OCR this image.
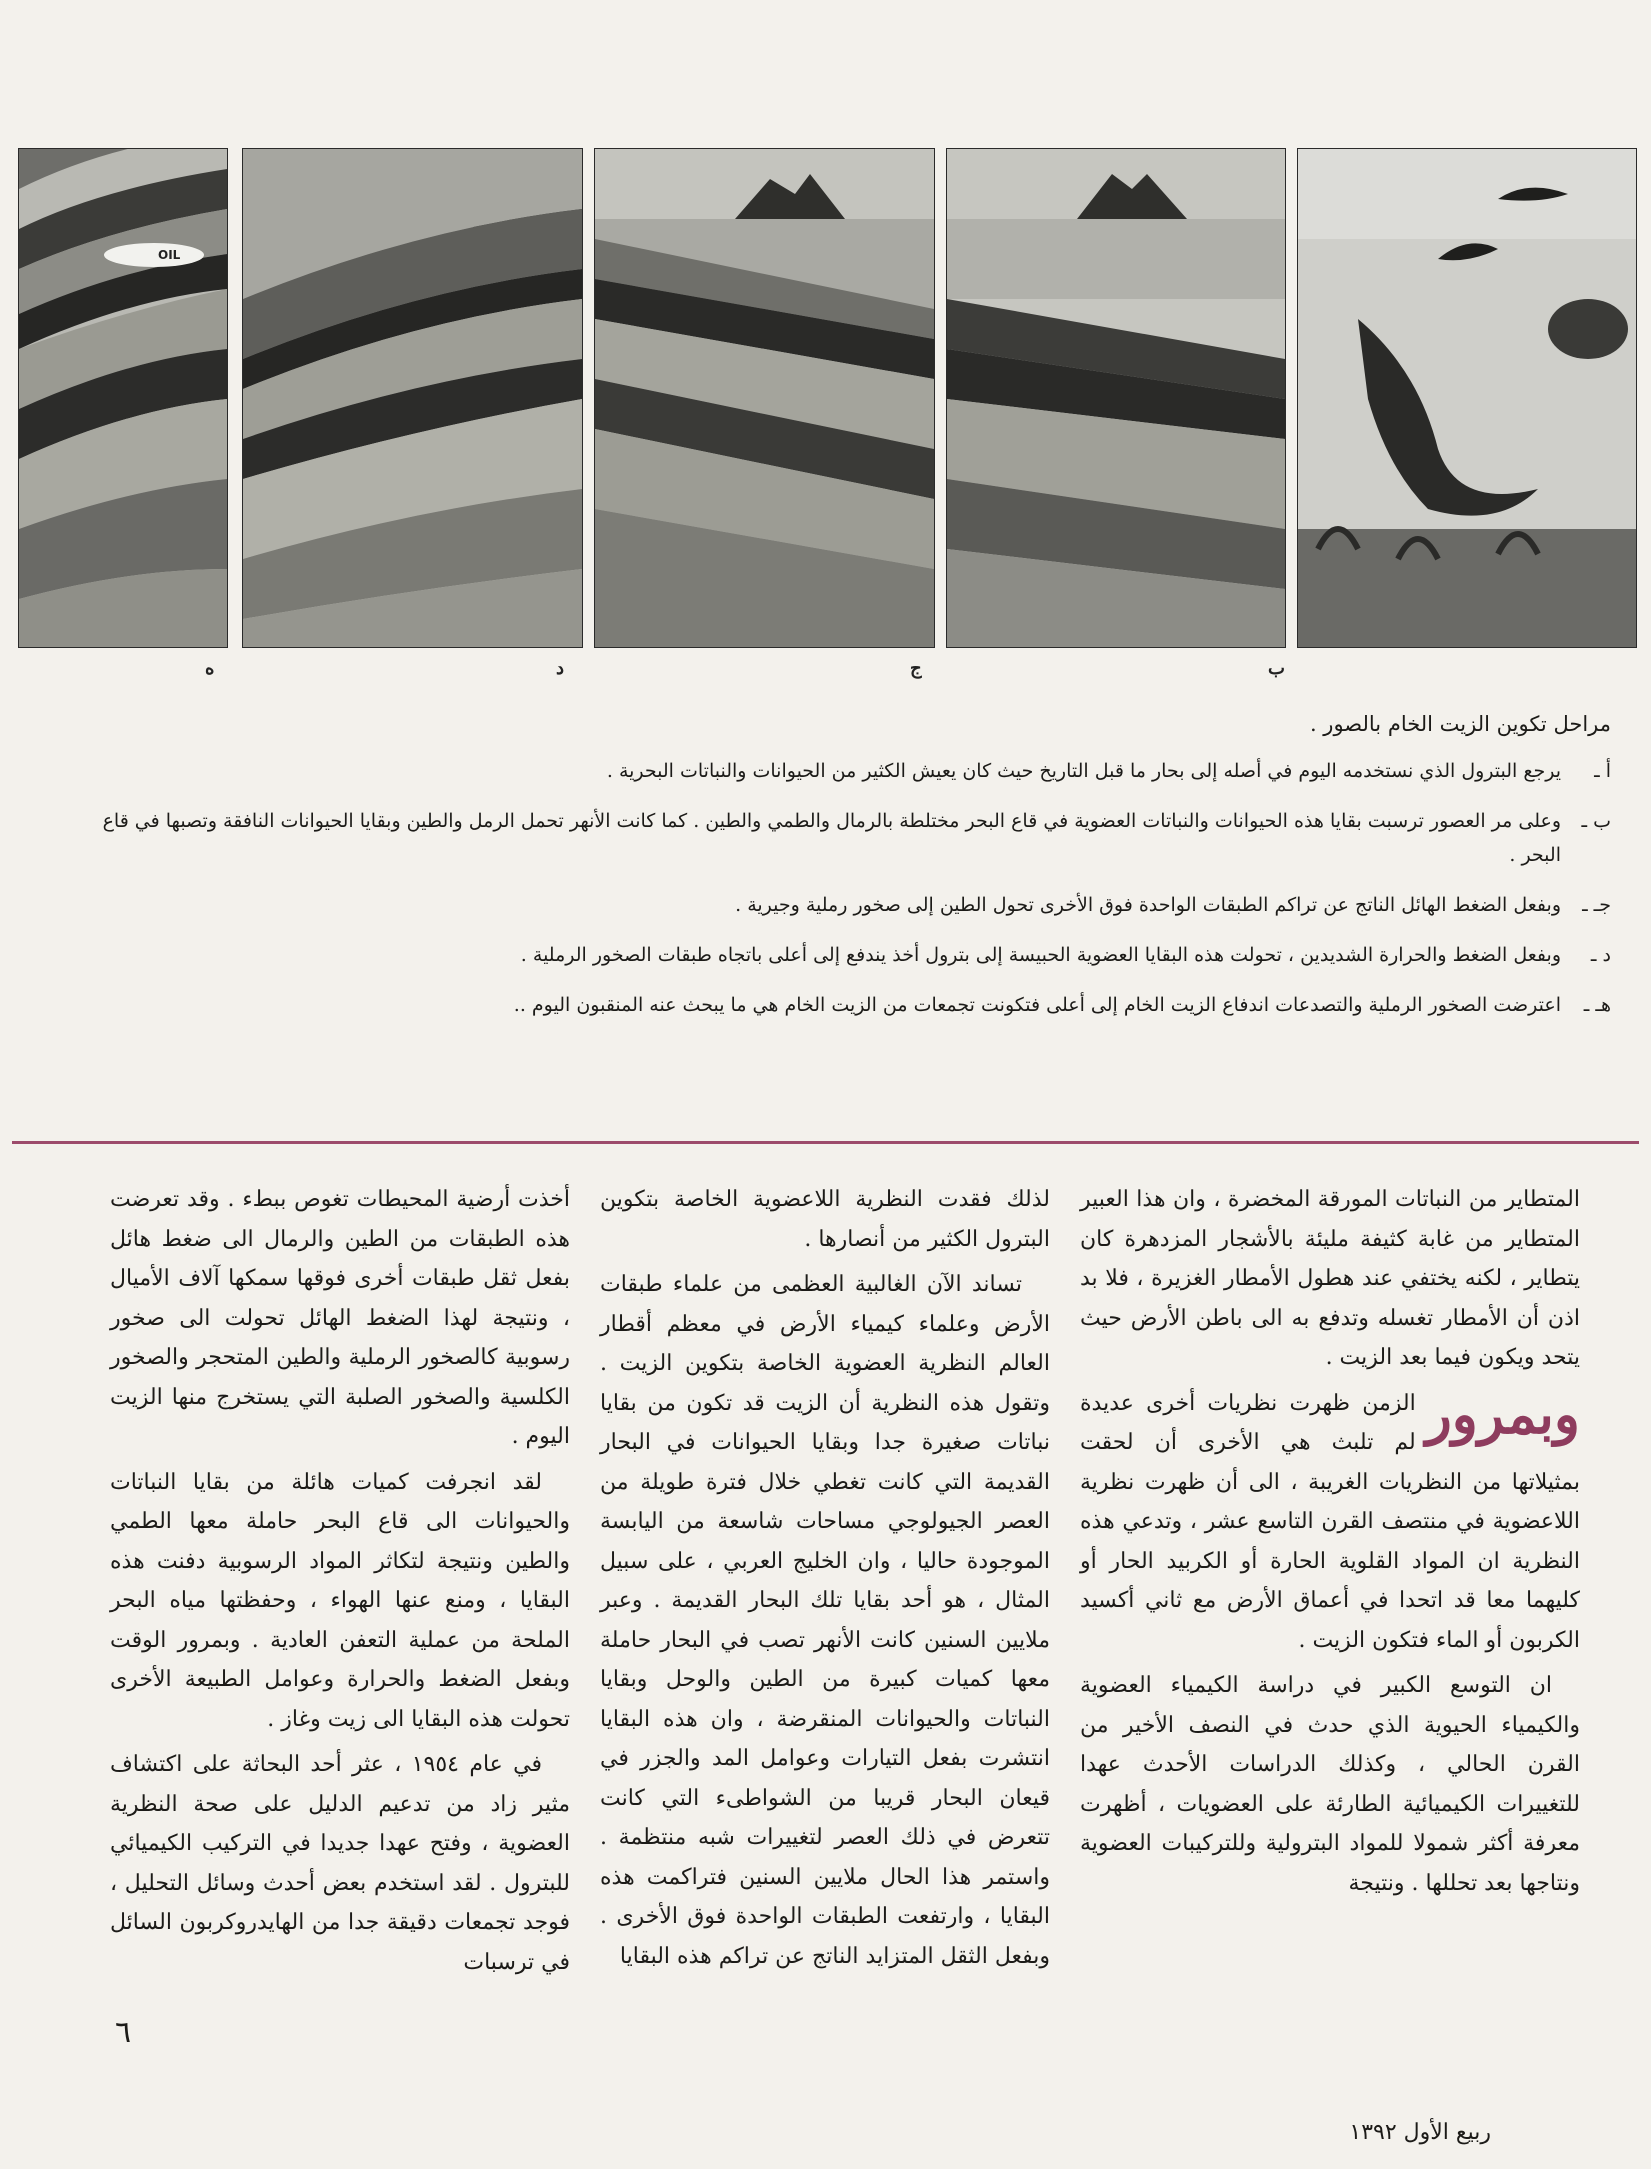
OIL
ب
ج
د
ه

مراحل تكوين الزيت الخام بالصور .

أ ـ
يرجع البترول الذي نستخدمه اليوم في أصله إلى بحار ما قبل التاريخ حيث كان يعيش الكثير من الحيوانات والنباتات البحرية .
ب ـ
وعلى مر العصور ترسبت بقايا هذه الحيوانات والنباتات العضوية في قاع البحر مختلطة بالرمال والطمي والطين . كما كانت الأنهر تحمل الرمل والطين وبقايا الحيوانات النافقة وتصبها في قاع البحر .
جـ ـ
وبفعل الضغط الهائل الناتج عن تراكم الطبقات الواحدة فوق الأخرى تحول الطين إلى صخور رملية وجيرية .
د ـ
وبفعل الضغط والحرارة الشديدين ، تحولت هذه البقايا العضوية الحبيسة إلى بترول أخذ يندفع إلى أعلى باتجاه طبقات الصخور الرملية .
هـ ـ
اعترضت الصخور الرملية والتصدعات اندفاع الزيت الخام إلى أعلى فتكونت تجمعات من الزيت الخام هي ما يبحث عنه المنقبون اليوم ..

المتطاير من النباتات المورقة المخضرة ، وان هذا العبير المتطاير من غابة كثيفة مليئة بالأشجار المزدهرة كان يتطاير ، لكنه يختفي عند هطول الأمطار الغزيرة ، فلا بد اذن أن الأمطار تغسله وتدفع به الى باطن الأرض حيث يتحد ويكون فيما بعد الزيت .

وبمرور
الزمن ظهرت نظريات أخرى عديدة لم تلبث هي الأخرى أن لحقت بمثيلاتها من النظريات الغريبة ، الى أن ظهرت نظرية اللاعضوية في منتصف القرن التاسع عشر ، وتدعي هذه النظرية ان المواد القلوية الحارة أو الكربيد الحار أو كليهما معا قد اتحدا في أعماق الأرض مع ثاني أكسيد الكربون أو الماء فتكون الزيت .

ان التوسع الكبير في دراسة الكيمياء العضوية والكيمياء الحيوية الذي حدث في النصف الأخير من القرن الحالي ، وكذلك الدراسات الأحدث عهدا للتغييرات الكيميائية الطارئة على العضويات ، أظهرت معرفة أكثر شمولا للمواد البترولية وللتركيبات العضوية ونتاجها بعد تحللها . ونتيجة

لذلك فقدت النظرية اللاعضوية الخاصة بتكوين البترول الكثير من أنصارها .

تساند الآن الغالبية العظمى من علماء طبقات الأرض وعلماء كيمياء الأرض في معظم أقطار العالم النظرية العضوية الخاصة بتكوين الزيت . وتقول هذه النظرية أن الزيت قد تكون من بقايا نباتات صغيرة جدا وبقايا الحيوانات في البحار القديمة التي كانت تغطي خلال فترة طويلة من العصر الجيولوجي مساحات شاسعة من اليابسة الموجودة حاليا ، وان الخليج العربي ، على سبيل المثال ، هو أحد بقايا تلك البحار القديمة . وعبر ملايين السنين كانت الأنهر تصب في البحار حاملة معها كميات كبيرة من الطين والوحل وبقايا النباتات والحيوانات المنقرضة ، وان هذه البقايا انتشرت بفعل التيارات وعوامل المد والجزر في قيعان البحار قريبا من الشواطىء التي كانت تتعرض في ذلك العصر لتغييرات شبه منتظمة . واستمر هذا الحال ملايين السنين فتراكمت هذه البقايا ، وارتفعت الطبقات الواحدة فوق الأخرى . وبفعل الثقل المتزايد الناتج عن تراكم هذه البقايا

أخذت أرضية المحيطات تغوص ببطء . وقد تعرضت هذه الطبقات من الطين والرمال الى ضغط هائل بفعل ثقل طبقات أخرى فوقها سمكها آلاف الأميال ، ونتيجة لهذا الضغط الهائل تحولت الى صخور رسوبية كالصخور الرملية والطين المتحجر والصخور الكلسية والصخور الصلبة التي يستخرج منها الزيت اليوم .

لقد انجرفت كميات هائلة من بقايا النباتات والحيوانات الى قاع البحر حاملة معها الطمي والطين ونتيجة لتكاثر المواد الرسوبية دفنت هذه البقايا ، ومنع عنها الهواء ، وحفظتها مياه البحر الملحة من عملية التعفن العادية . وبمرور الوقت وبفعل الضغط والحرارة وعوامل الطبيعة الأخرى تحولت هذه البقايا الى زيت وغاز .

في عام ١٩٥٤ ، عثر أحد البحاثة على اكتشاف مثير زاد من تدعيم الدليل على صحة النظرية العضوية ، وفتح عهدا جديدا في التركيب الكيميائي للبترول . لقد استخدم بعض أحدث وسائل التحليل ، فوجد تجمعات دقيقة جدا من الهايدروكربون السائل في ترسبات

٦
ربيع الأول ١٣٩٢
